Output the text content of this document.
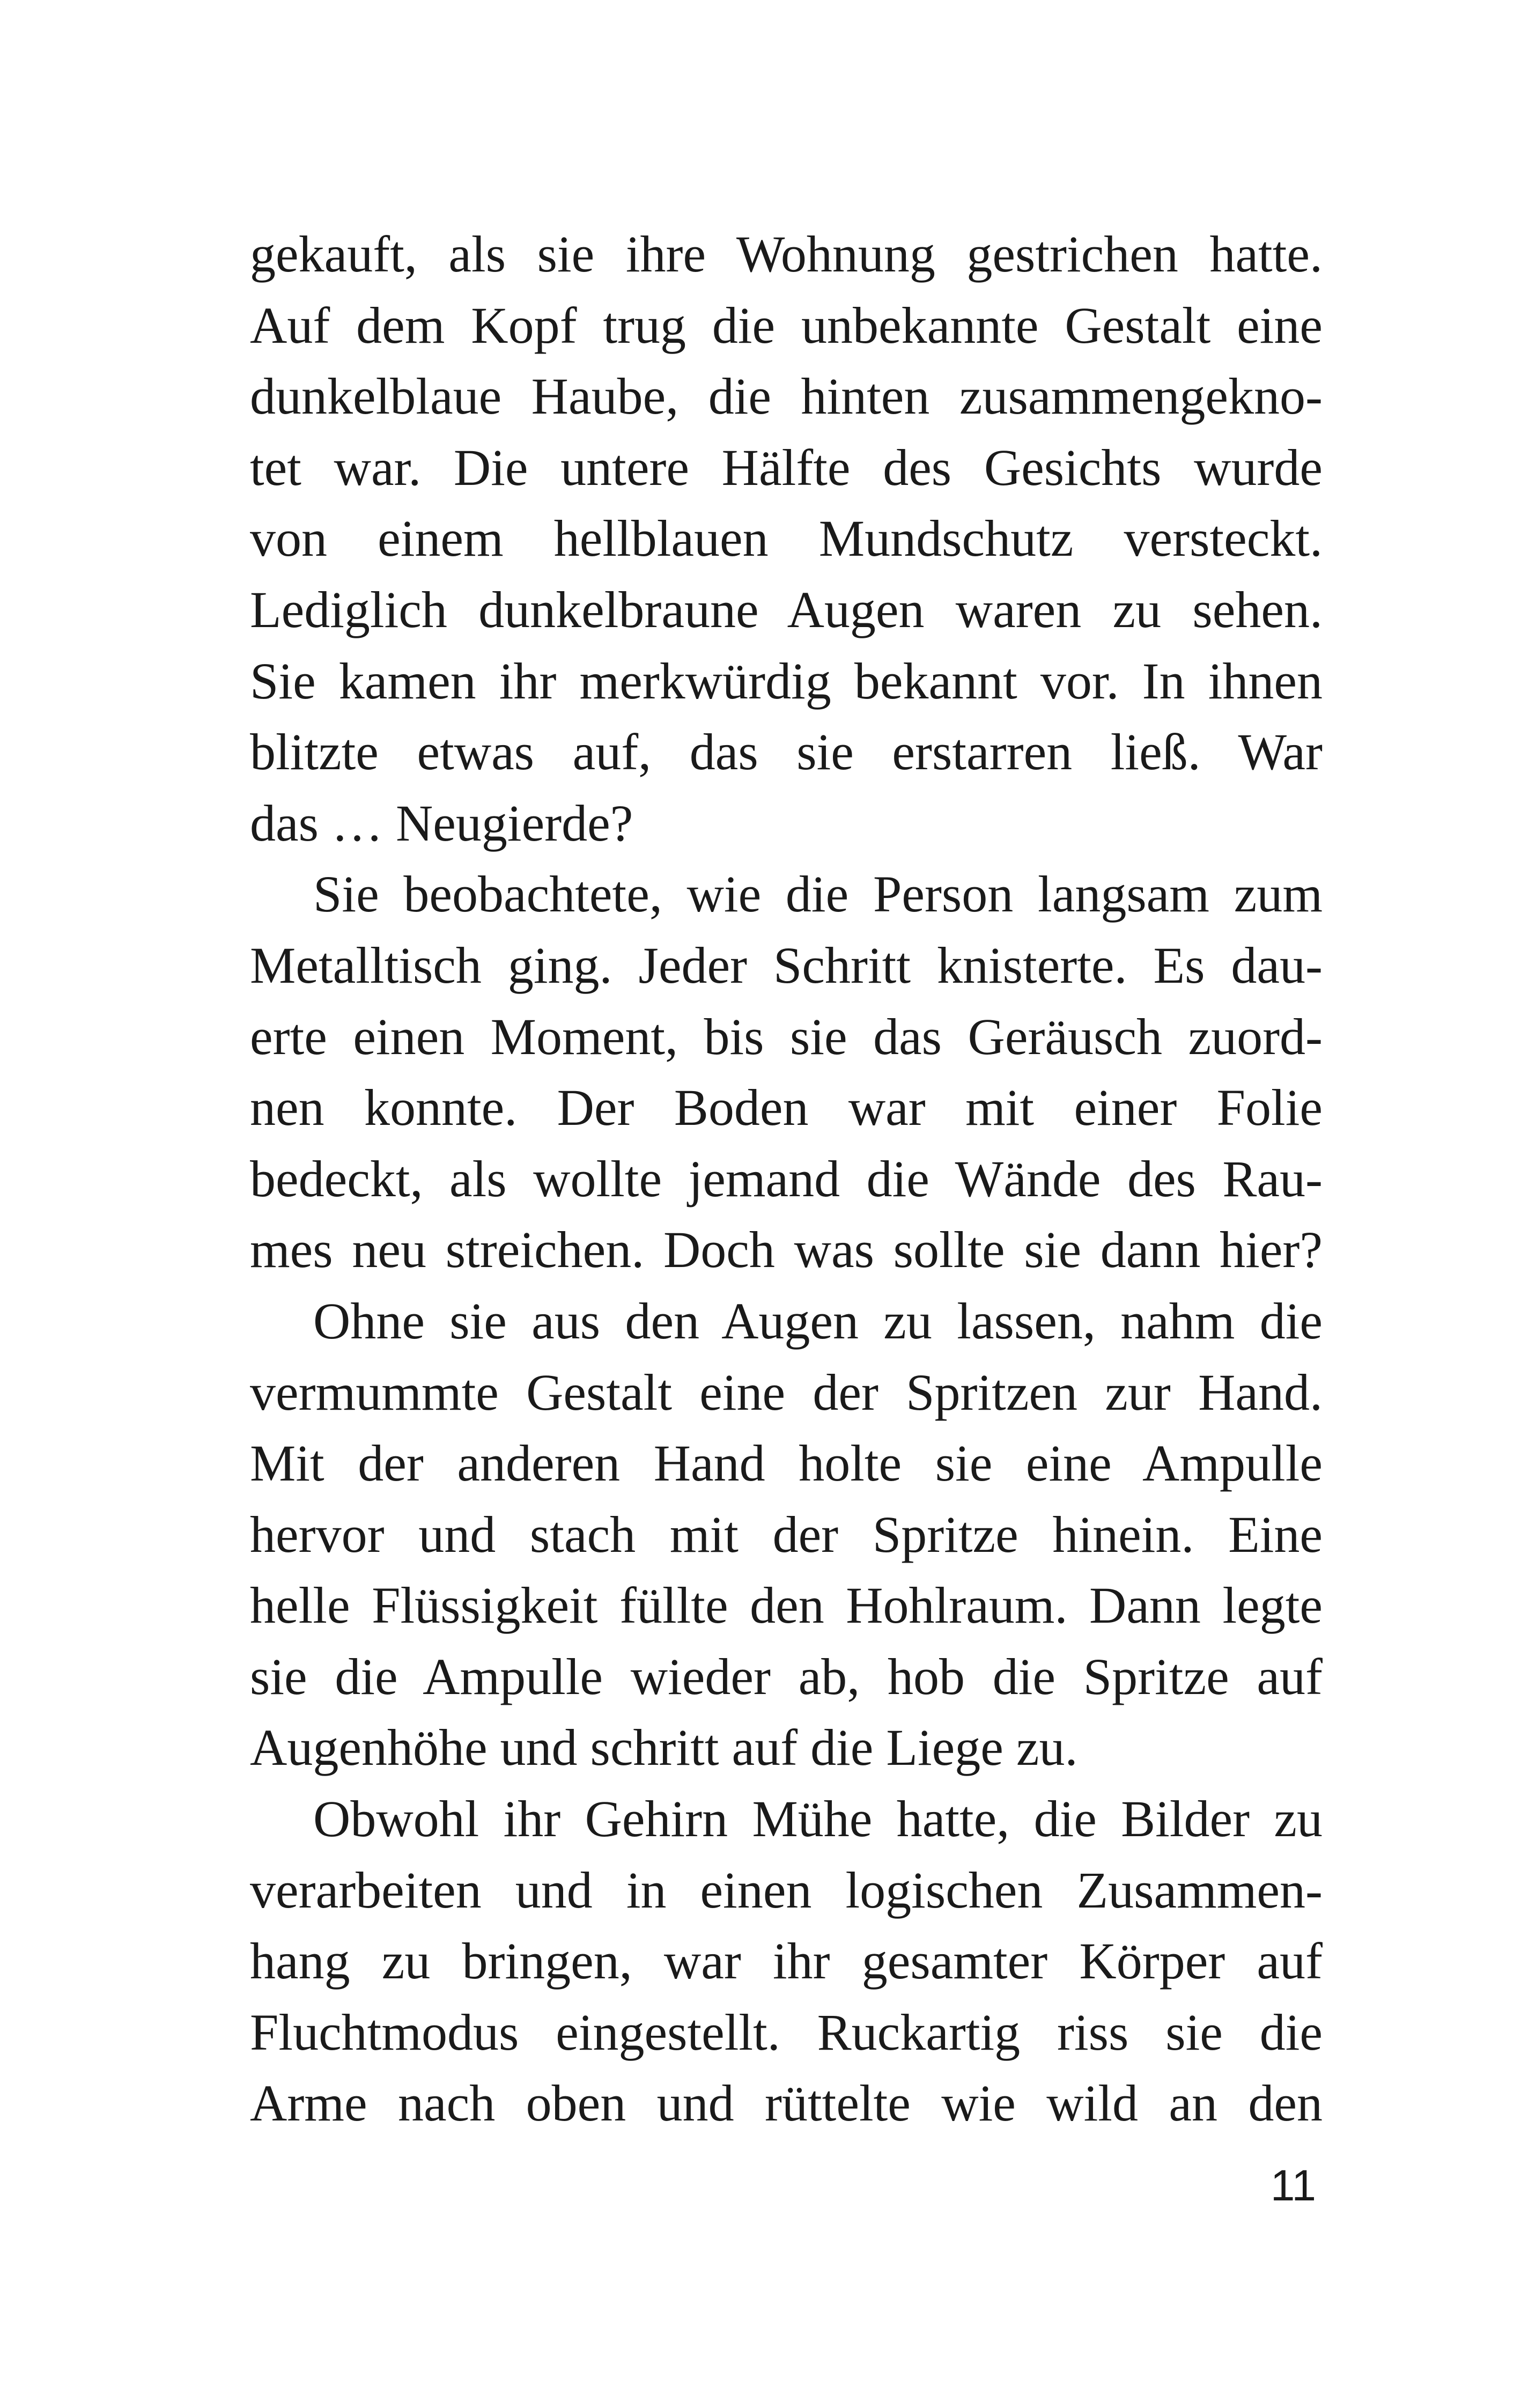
gekauft, als sie ihre Wohnung gestrichen hatte.
Auf dem Kopf trug die unbekannte Gestalt eine
dunkelblaue Haube, die hinten zusammengekno-
tet war. Die untere Hälfte des Gesichts wurde
von einem hellblauen Mundschutz versteckt.
Lediglich dunkelbraune Augen waren zu sehen.
Sie kamen ihr merkwürdig bekannt vor. In ihnen
blitzte etwas auf, das sie erstarren ließ. War
das … Neugierde?

Sie beobachtete, wie die Person langsam zum
Metalltisch ging. Jeder Schritt knisterte. Es dau-
erte einen Moment, bis sie das Geräusch zuord-
nen konnte. Der Boden war mit einer Folie
bedeckt, als wollte jemand die Wände des Rau-
mes neu streichen. Doch was sollte sie dann hier?

Ohne sie aus den Augen zu lassen, nahm die
vermummte Gestalt eine der Spritzen zur Hand.
Mit der anderen Hand holte sie eine Ampulle
hervor und stach mit der Spritze hinein. Eine
helle Flüssigkeit füllte den Hohlraum. Dann legte
sie die Ampulle wieder ab, hob die Spritze auf
Augenhöhe und schritt auf die Liege zu.

Obwohl ihr Gehirn Mühe hatte, die Bilder zu
verarbeiten und in einen logischen Zusammen-
hang zu bringen, war ihr gesamter Körper auf
Fluchtmodus eingestellt. Ruckartig riss sie die
Arme nach oben und rüttelte wie wild an den

11
